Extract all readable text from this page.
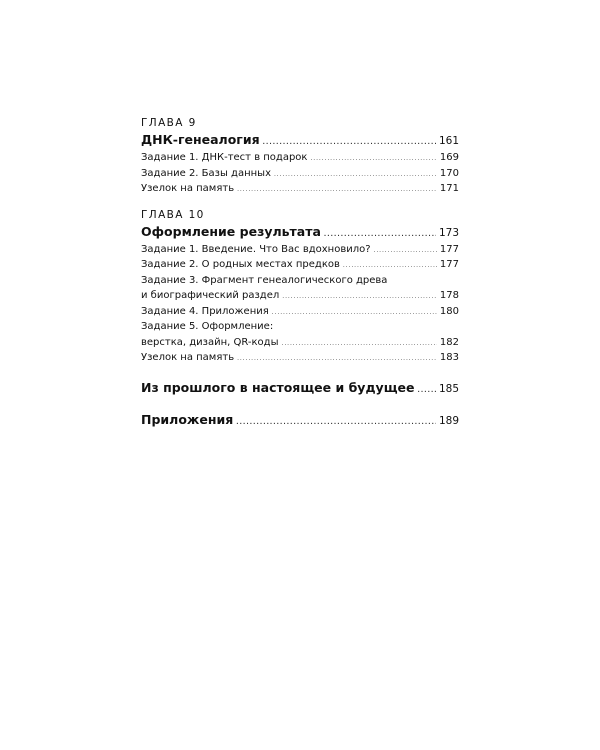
ГЛАВА 9
ДНК-генеалогия . . .	161
Задание 1. ДНК-тест в подарок . . .	169
Задание 2. Базы данных . . .	170
Узелок на память . . .	171
ГЛАВА 10
Оформление результата . . .	173
Задание 1. Введение. Что Вас вдохновило? . . .	177
Задание 2. О родных местах предков . . .	177
Задание 3. Фрагмент генеалогического древа
и биографический раздел . . .	178
Задание 4. Приложения . . .	180
Задание 5. Оформление:
верстка, дизайн, QR-коды . . .	182
Узелок на память . . .	183
Из прошлого в настоящее и будущее . . . 185
Приложения . . .	189
